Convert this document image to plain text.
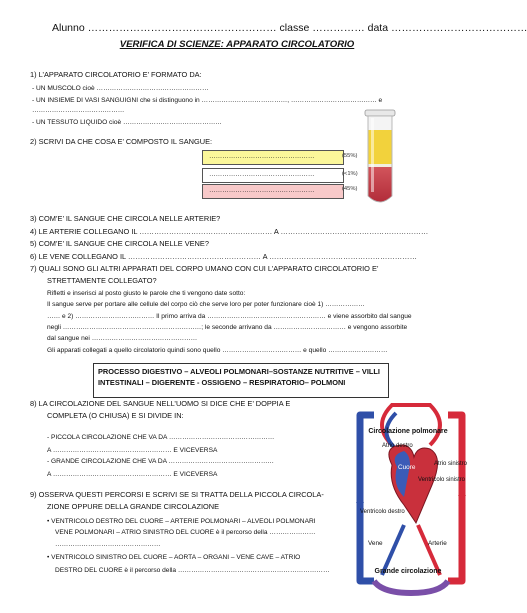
Alunno ……………………………………………… classe …………… data …………………………………
VERIFICA DI SCIENZE: APPARATO CIRCOLATORIO
1) L’APPARATO CIRCOLATORIO E’ FORMATO DA:
- UN MUSCOLO cioè ……………………………………………
- UN INSIEME DI VASI SANGUIGNI che si distinguono in …………………………………, ………………………………… e
……………………………………
- UN TESSUTO LIQUIDO cioè ………………………………………
2) SCRIVI DA CHE COSA E’ COMPOSTO IL SANGUE:
…………………………………………
…………………………………………
…………………………………………
(55%)
(<1%)
(45%)
3) COM’E’ IL SANGUE CHE CIRCOLA NELLE ARTERIE?
4) LE ARTERIE COLLEGANO IL ……………………………………………… A ……………………………………………………
5) COM’E’ IL SANGUE CHE CIRCOLA NELLE VENE?
6) LE VENE COLLEGANO IL ……………………………………………… A ……………………………………………………
7) QUALI SONO GLI ALTRI APPARATI DEL CORPO UMANO CON CUI L’APPARATO CIRCOLATORIO E’
STRETTAMENTE COLLEGATO?
Rifletti e inserisci al posto giusto le parole che ti vengono date sotto:
Il sangue serve per portare alle cellule del corpo ciò che serve loro per poter funzionare cioè 1) ………………
…… e 2) ……………………………… Il primo arriva da ……………………………………………… e viene assorbito dal sangue
negli ………………………………………………………; le seconde arrivano da …………………………… e vengono assorbite
dal sangue nei …………………………………………
Gli apparati collegati a quello circolatorio quindi sono quello ……………………………… e quello ………………………
PROCESSO DIGESTIVO – ALVEOLI POLMONARI–SOSTANZE NUTRITIVE – VILLI INTESTINALI – DIGERENTE - OSSIGENO – RESPIRATORIO– POLMONI
8) LA CIRCOLAZIONE DEL SANGUE NELL’UOMO SI DICE CHE E’ DOPPIA E
COMPLETA (O CHIUSA) E SI DIVIDE IN:
- PICCOLA CIRCOLAZIONE CHE VA DA …………………………………………
A ……………………………………………… E VICEVERSA
- GRANDE CIRCOLAZIONE CHE VA DA …………………………………………
A ……………………………………………… E VICEVERSA
9) OSSERVA QUESTI PERCORSI E SCRIVI SE SI TRATTA DELLA PICCOLA CIRCOLA-
ZIONE OPPURE DELLA GRANDE CIRCOLAZIONE
• VENTRICOLO DESTRO DEL CUORE – ARTERIE POLMONARI – ALVEOLI POLMONARI
VENE POLMONARI – ATRIO SINISTRO DEL CUORE è il percorso della …………………
…………………………………………
• VENTRICOLO SINISTRO DEL CUORE – AORTA – ORGANI – VENE CAVE – ATRIO
DESTRO DEL CUORE è il percorso della ……………………………………………………………
Circolazione polmonare
Atrio destro
Cuore	Atrio sinistro
Ventricolo sinistro
Ventricolo destro
Vene	Arterie
Grande circolazione
